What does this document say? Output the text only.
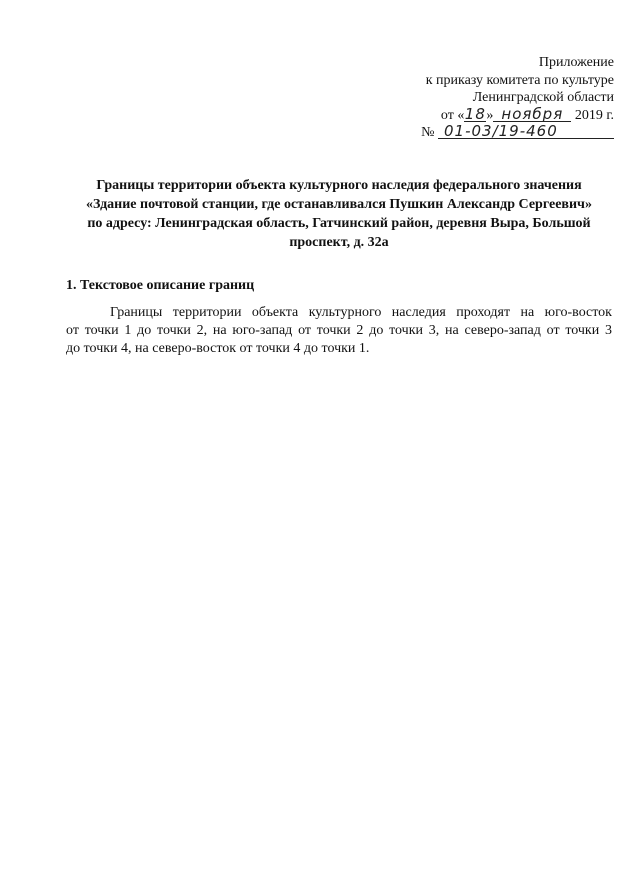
Приложение
к приказу комитета по культуре
Ленинградской области
от «18» ноября 2019 г.
№ 01-03/19-460
Границы территории объекта культурного наследия федерального значения
«Здание почтовой станции, где останавливался Пушкин Александр Сергеевич»
по адресу: Ленинградская область, Гатчинский район, деревня Выра, Большой
проспект, д. 32а
1. Текстовое описание границ
Границы территории объекта культурного наследия проходят на юго-восток
от точки 1 до точки 2, на юго-запад от точки 2 до точки 3, на северо-запад от точки 3
до точки 4, на северо-восток от точки 4 до точки 1.
